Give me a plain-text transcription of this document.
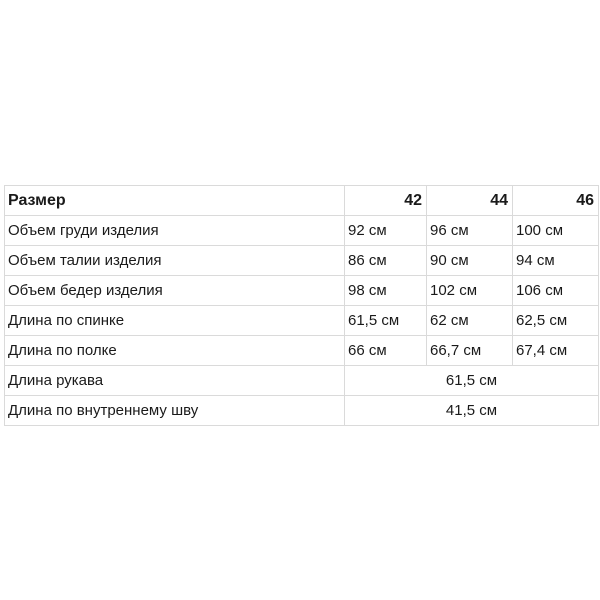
Размер	42	44	46
Объем груди изделия	92 см	96 см	100 см
Объем талии изделия	86 см	90 см	94 см
Объем бедер изделия	98 см	102 см	106 см
Длина по спинке	61,5 см	62 см	62,5 см
Длина по полке	66 см	66,7 см	67,4 см
Длина рукава	61,5 см		
Длина по внутреннему шву	41,5 см		
